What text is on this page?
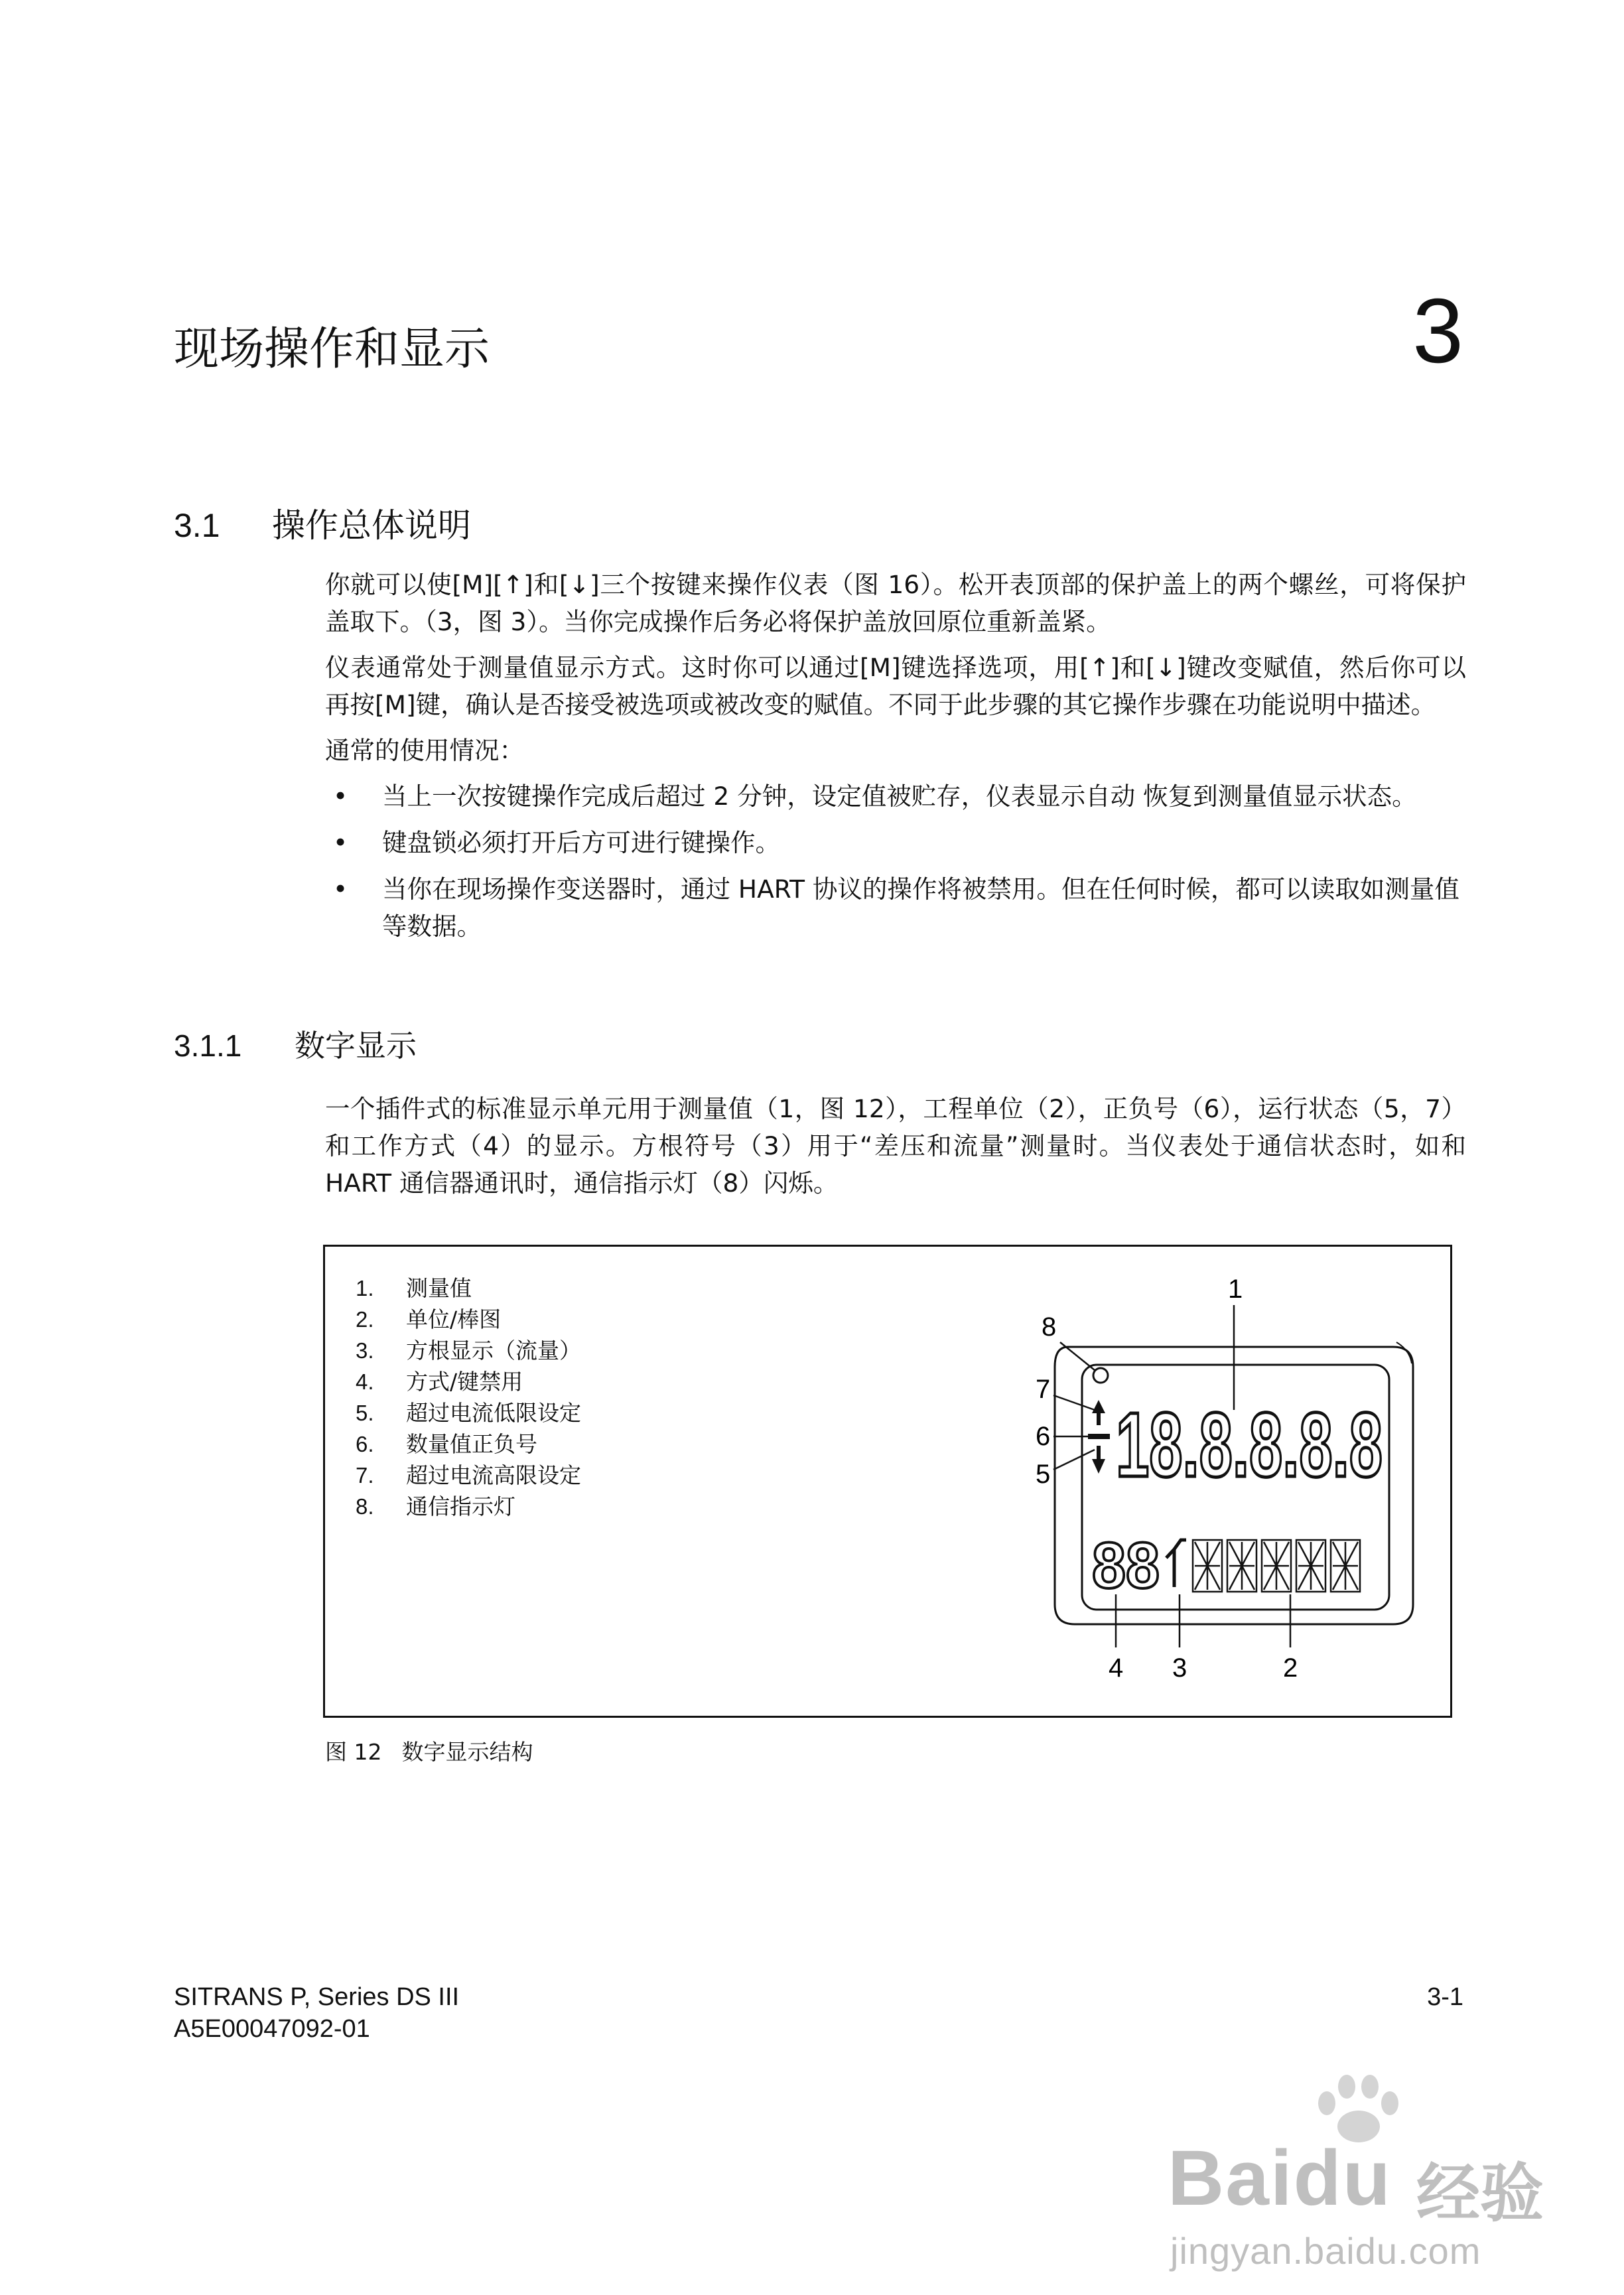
现场操作和显示	3
3.1 操作总体说明

你就可以使[M][↑]和[↓]三个按键来操作仪表（图 16）。松开表顶部的保护盖上的两个螺丝，可将保护盖取下。（3，图 3）。当你完成操作后务必将保护盖放回原位重新盖紧。

仪表通常处于测量值显示方式。这时你可以通过[M]键选择选项，用[↑]和[↓]键改变赋值，然后你可以再按[M]键，确认是否接受被选项或被改变的赋值。不同于此步骤的其它操作步骤在功能说明中描述。

通常的使用情况：

• 当上一次按键操作完成后超过 2 分钟，设定值被贮存，仪表显示自动 恢复到测量值显示状态。
• 键盘锁必须打开后方可进行键操作。
• 当你在现场操作变送器时，通过 HART 协议的操作将被禁用。但在任何时候，都可以读取如测量值等数据。
3.1.1 数字显示

一个插件式的标准显示单元用于测量值（1，图 12），工程单位（2），正负号（6），运行状态（5，7）和工作方式（4）的显示。方根符号（3）用于“差压和流量”测量时。当仪表处于通信状态时，如和 HART 通信器通讯时，通信指示灯（8）闪烁。

1.	测量值
2.	单位/棒图
3.	方根显示（流量）
4.	方式/键禁用
5.	超过电流低限设定
6.	数量值正负号
7.	超过电流高限设定
8.	通信指示灯
18.8.8.8.8
88
1
8
7
6
5
4 3	2
图 12 数字显示结构
SITRANS P, Series DS III
A5E00047092-01
3-1
Baidu 经验
jingyan.baidu.com
